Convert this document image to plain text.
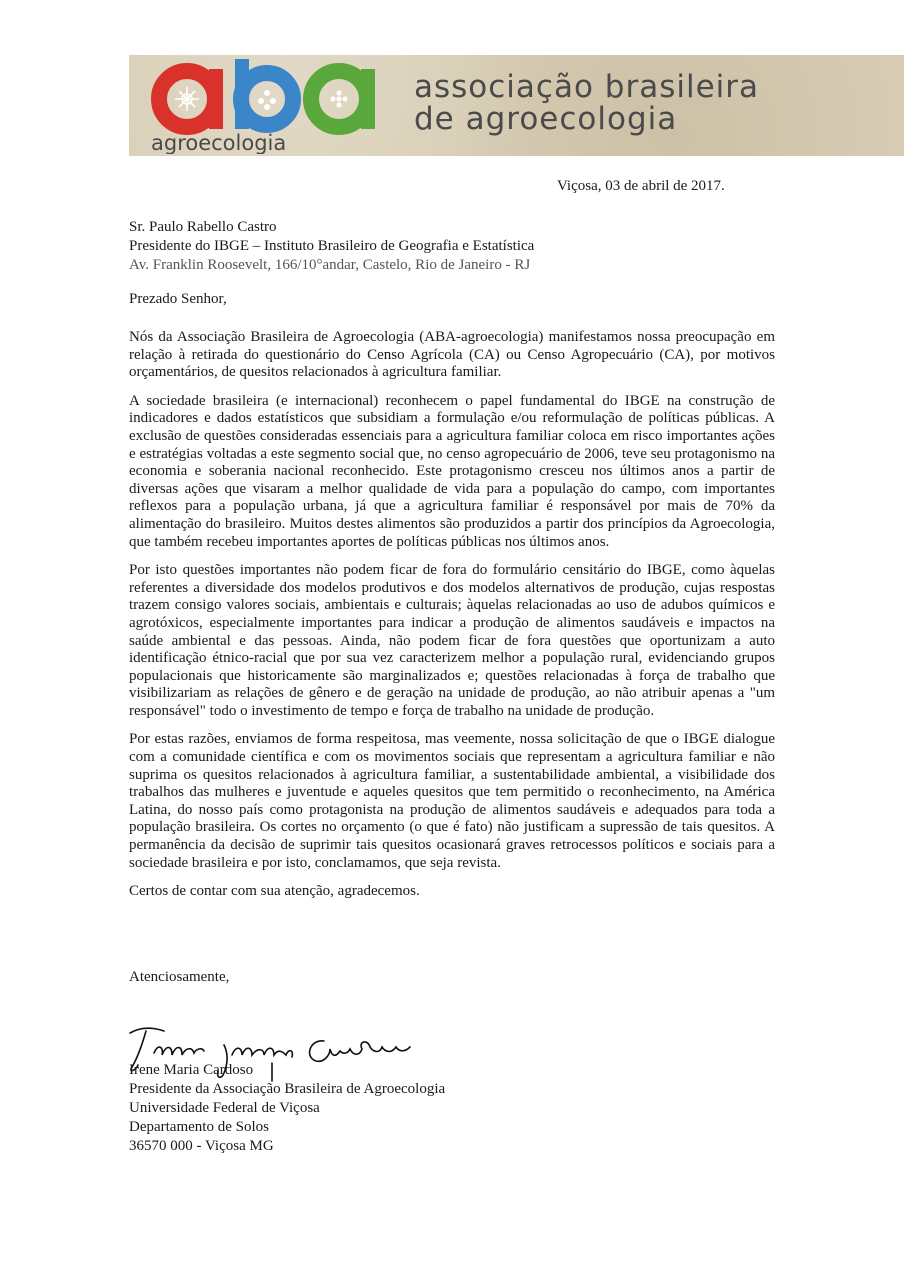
agroecologia
associação brasileira
de agroecologia
Viçosa, 03 de abril de 2017.
Sr. Paulo Rabello Castro
Presidente do IBGE – Instituto Brasileiro de Geografia e Estatística
Av. Franklin Roosevelt, 166/10°andar, Castelo, Rio de Janeiro - RJ
Prezado Senhor,

Nós da Associação Brasileira de Agroecologia (ABA-agroecologia) manifestamos nossa preocupação em relação à retirada do questionário do Censo Agrícola (CA) ou Censo Agropecuário (CA), por motivos orçamentários, de quesitos relacionados à agricultura familiar.

A sociedade brasileira (e internacional) reconhecem o papel fundamental do IBGE na construção de indicadores e dados estatísticos que subsidiam a formulação e/ou reformulação de políticas públicas. A exclusão de questões consideradas essenciais para a agricultura familiar coloca em risco importantes ações e estratégias voltadas a este segmento social que, no censo agropecuário de 2006, teve seu protagonismo na economia e soberania nacional reconhecido. Este protagonismo cresceu nos últimos anos a partir de diversas ações que visaram a melhor qualidade de vida para a população do campo, com importantes reflexos para a população urbana, já que a agricultura familiar é responsável por mais de 70% da alimentação do brasileiro. Muitos destes alimentos são produzidos a partir dos princípios da Agroecologia, que também recebeu importantes aportes de políticas públicas nos últimos anos.

Por isto questões importantes não podem ficar de fora do formulário censitário do IBGE, como àquelas referentes a diversidade dos modelos produtivos e dos modelos alternativos de produção, cujas respostas trazem consigo valores sociais, ambientais e culturais; àquelas relacionadas ao uso de adubos químicos e agrotóxicos, especialmente importantes para indicar a produção de alimentos saudáveis e impactos na saúde ambiental e das pessoas. Ainda, não podem ficar de fora questões que oportunizam a auto identificação étnico-racial que por sua vez caracterizem melhor a população rural, evidenciando grupos populacionais que historicamente são marginalizados e; questões relacionadas à força de trabalho que visibilizariam as relações de gênero e de geração na unidade de produção, ao não atribuir apenas a "um responsável" todo o investimento de tempo e força de trabalho na unidade de produção.

Por estas razões, enviamos de forma respeitosa, mas veemente, nossa solicitação de que o IBGE dialogue com a comunidade científica e com os movimentos sociais que representam a agricultura familiar e não suprima os quesitos relacionados à agricultura familiar, a sustentabilidade ambiental, a visibilidade dos trabalhos das mulheres e juventude e aqueles quesitos que tem permitido o reconhecimento, na América Latina, do nosso país como protagonista na produção de alimentos saudáveis e adequados para toda a população brasileira. Os cortes no orçamento (o que é fato) não justificam a supressão de tais quesitos. A permanência da decisão de suprimir tais quesitos ocasionará graves retrocessos políticos e sociais para a sociedade brasileira e por isto, conclamamos, que seja revista.

Certos de contar com sua atenção, agradecemos.

Atenciosamente,
Irene Maria Cardoso
Presidente da Associação Brasileira de Agroecologia
Universidade Federal de Viçosa
Departamento de Solos
36570 000 - Viçosa MG
